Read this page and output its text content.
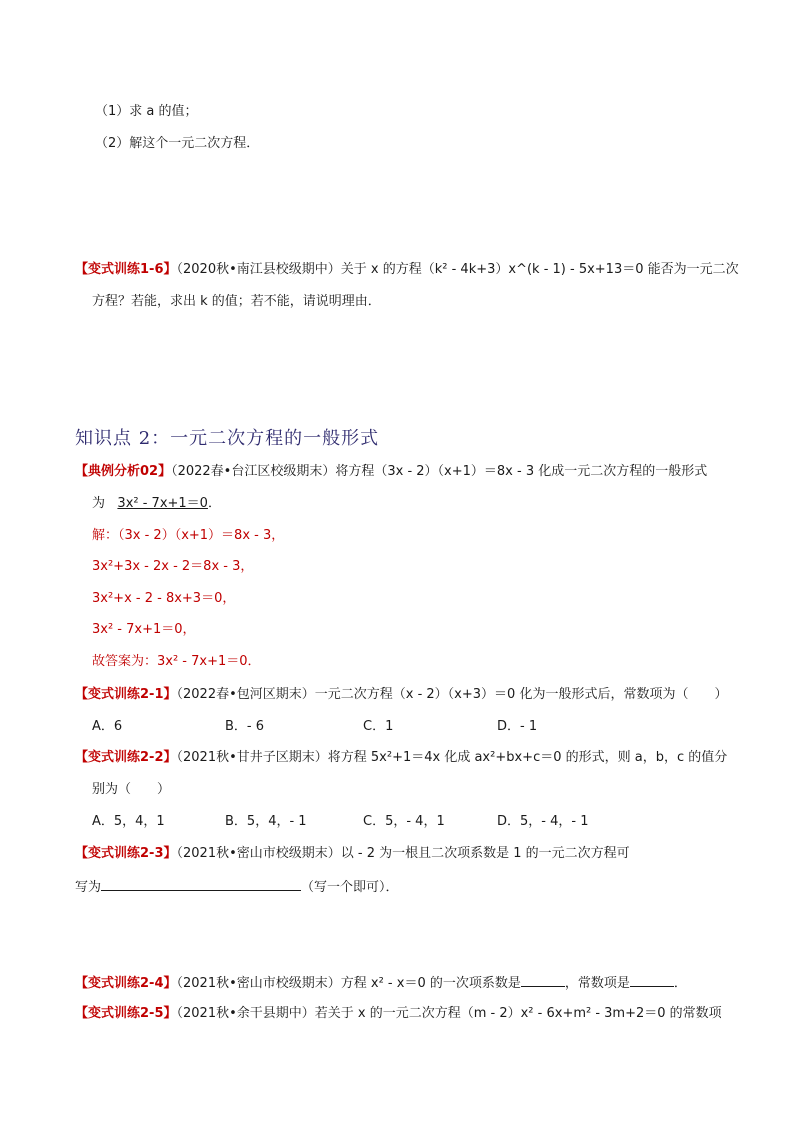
（1）求 a 的值；
（2）解这个一元二次方程．
【变式训练1-6】（2020秋•南江县校级期中）关于 x 的方程（k² - 4k+3）x^(k - 1) - 5x+13＝0 能否为一元二次
方程？若能，求出 k 的值；若不能，请说明理由．
知识点 2：一元二次方程的一般形式
【典例分析02】（2022春•台江区校级期末）将方程（3x - 2）（x+1）＝8x - 3 化成一元二次方程的一般形式
为 3x² - 7x+1＝0．
解：（3x - 2）（x+1）＝8x - 3，
3x²+3x - 2x - 2＝8x - 3，
3x²+x - 2 - 8x+3＝0，
3x² - 7x+1＝0，
故答案为：3x² - 7x+1＝0．
【变式训练2-1】（2022春•包河区期末）一元二次方程（x - 2）（x+3）＝0 化为一般形式后，常数项为（　　）
A．6	B．- 6	C．1	D．- 1
【变式训练2-2】（2021秋•甘井子区期末）将方程 5x²+1＝4x 化成 ax²+bx+c＝0 的形式，则 a，b，c 的值分
别为（　　）
A．5，4，1	B．5，4，- 1	C．5，- 4，1	D．5，- 4，- 1
【变式训练2-3】（2021秋•密山市校级期末）以 - 2 为一根且二次项系数是 1 的一元二次方程可
写为	（写一个即可）．
【变式训练2-4】（2021秋•密山市校级期末）方程 x² - x＝0 的一次项系数是	，常数项是	．
【变式训练2-5】（2021秋•余干县期中）若关于 x 的一元二次方程（m - 2）x² - 6x+m² - 3m+2＝0 的常数项
